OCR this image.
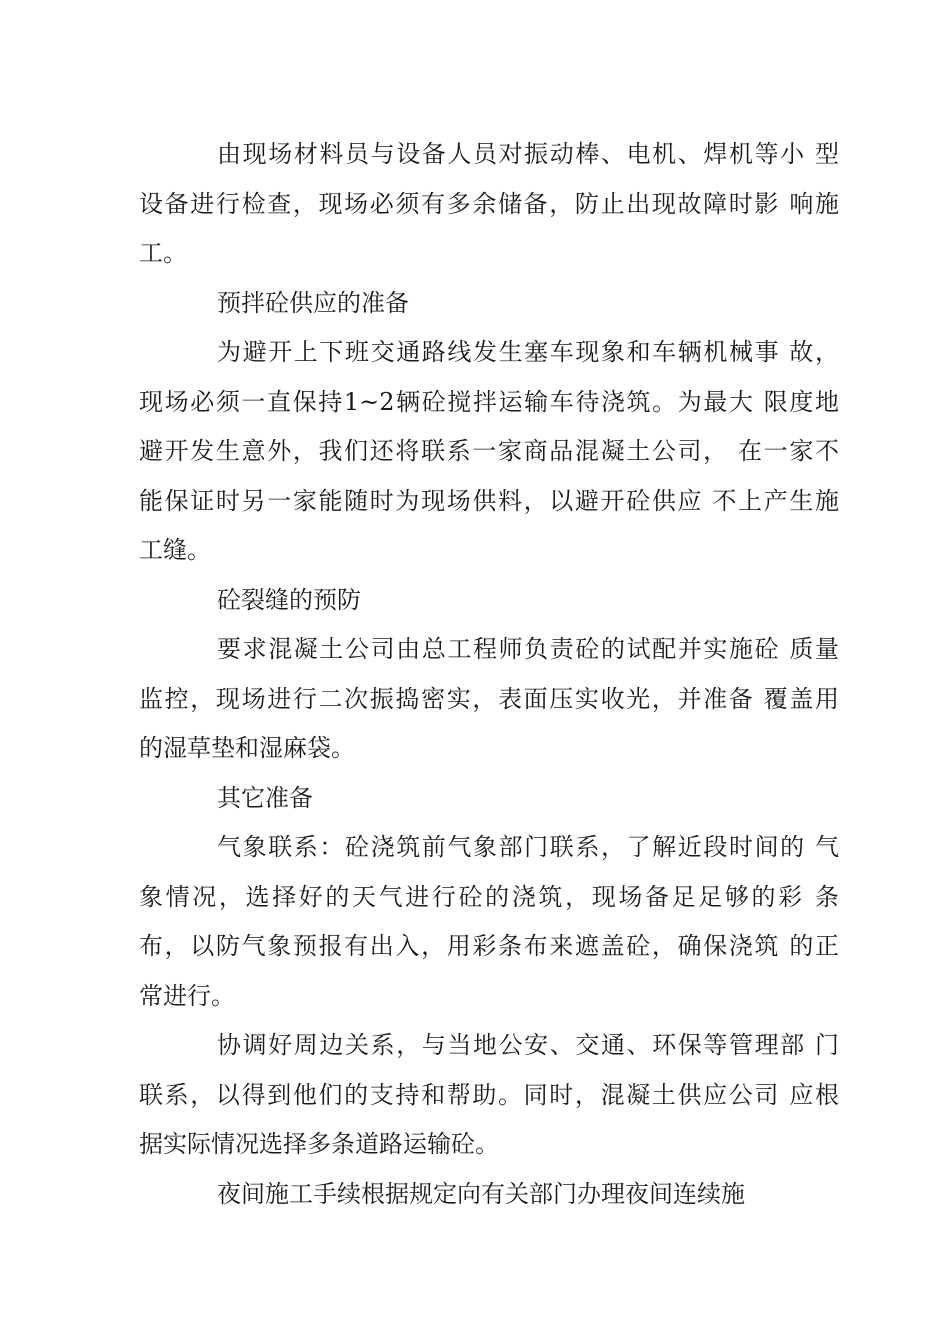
由现场材料员与设备人员对振动棒、电机、焊机等小 型
设备进行检查，现场必须有多余储备，防止出现故障时影 响施
工。
预拌砼供应的准备
为避开上下班交通路线发生塞车现象和车辆机械事 故，
现场必须一直保持1~2辆砼搅拌运输车待浇筑。为最大 限度地
避开发生意外，我们还将联系一家商品混凝土公司， 在一家不
能保证时另一家能随时为现场供料，以避开砼供应 不上产生施
工缝。
砼裂缝的预防
要求混凝土公司由总工程师负责砼的试配并实施砼 质量
监控，现场进行二次振捣密实，表面压实收光，并准备 覆盖用
的湿草垫和湿麻袋。
其它准备
气象联系：砼浇筑前气象部门联系，了解近段时间的 气
象情况，选择好的天气进行砼的浇筑，现场备足足够的彩 条
布，以防气象预报有出入，用彩条布来遮盖砼，确保浇筑 的正
常进行。
协调好周边关系，与当地公安、交通、环保等管理部 门
联系，以得到他们的支持和帮助。同时，混凝土供应公司 应根
据实际情况选择多条道路运输砼。
夜间施工手续根据规定向有关部门办理夜间连续施
